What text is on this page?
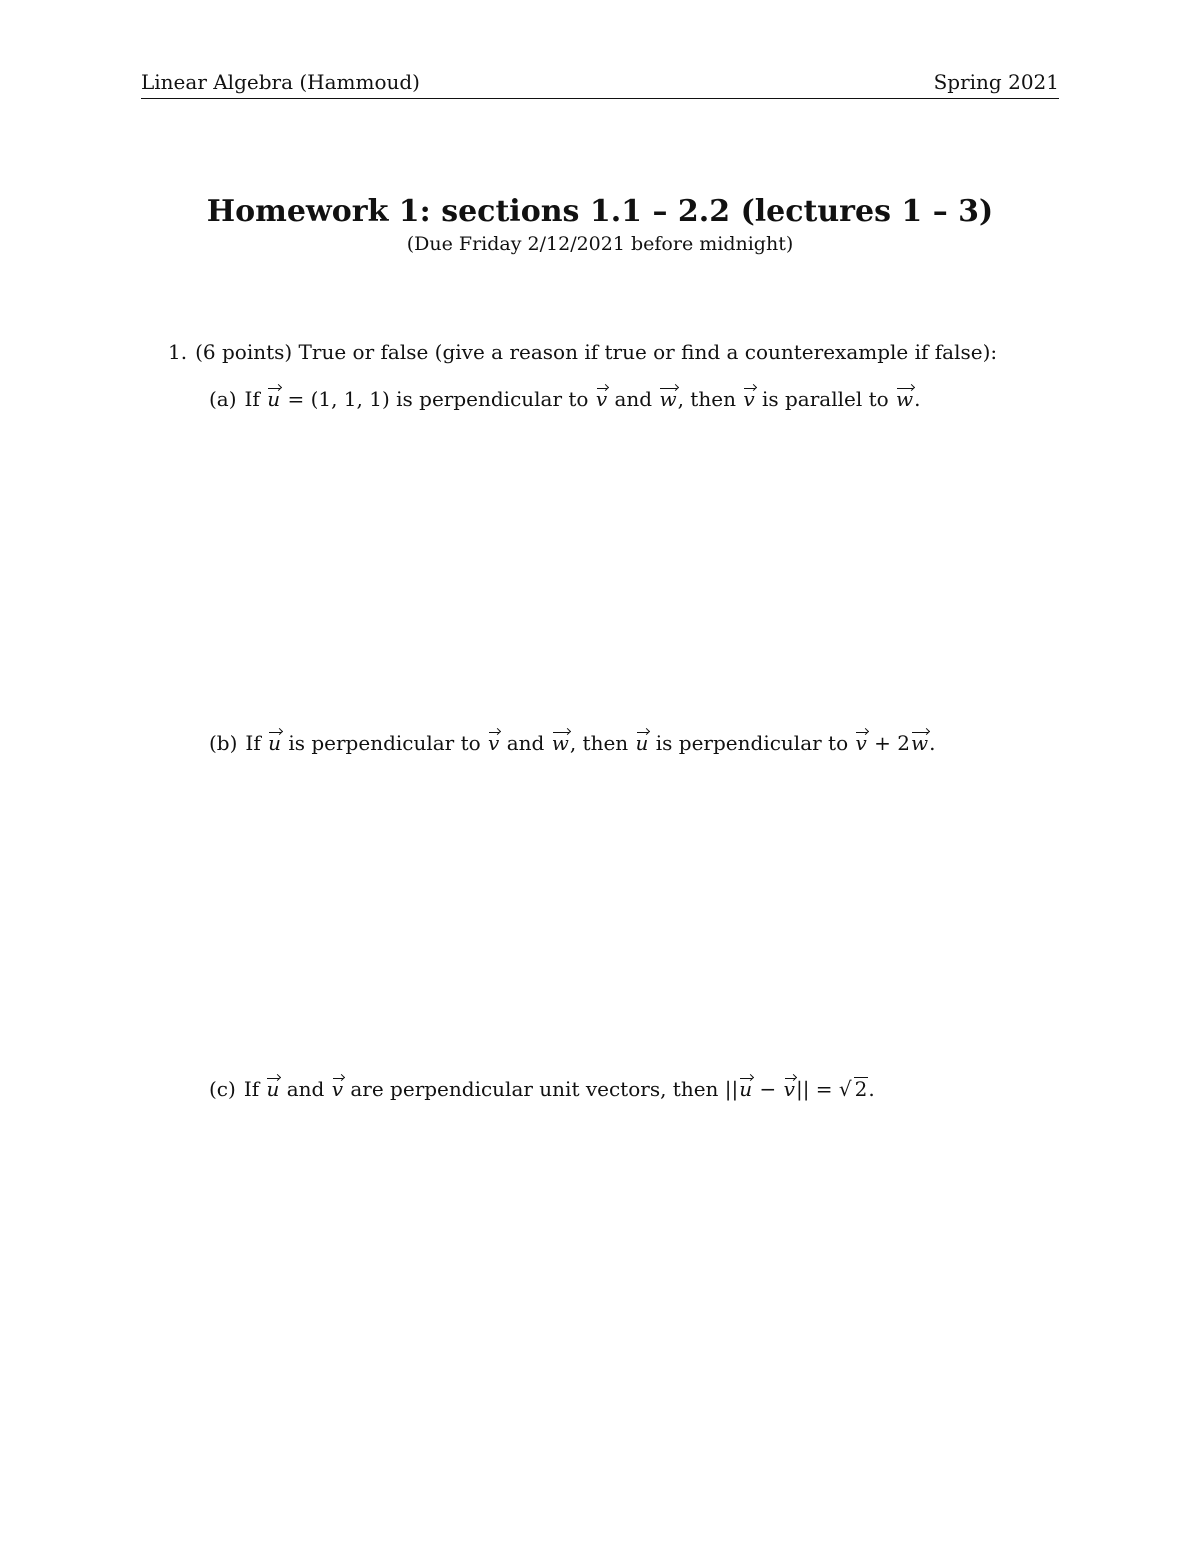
Linear Algebra (Hammoud)	Spring 2021
Homework 1: sections 1.1 – 2.2 (lectures 1 – 3)
(Due Friday 2/12/2021 before midnight)
1. (6 points) True or false (give a reason if true or find a counterexample if false):
(a) If u = (1, 1, 1) is perpendicular to v and w, then v is parallel to w.
(b) If u is perpendicular to v and w, then u is perpendicular to v + 2w.
(c) If u and v are perpendicular unit vectors, then ||u − v|| = √ 2.
